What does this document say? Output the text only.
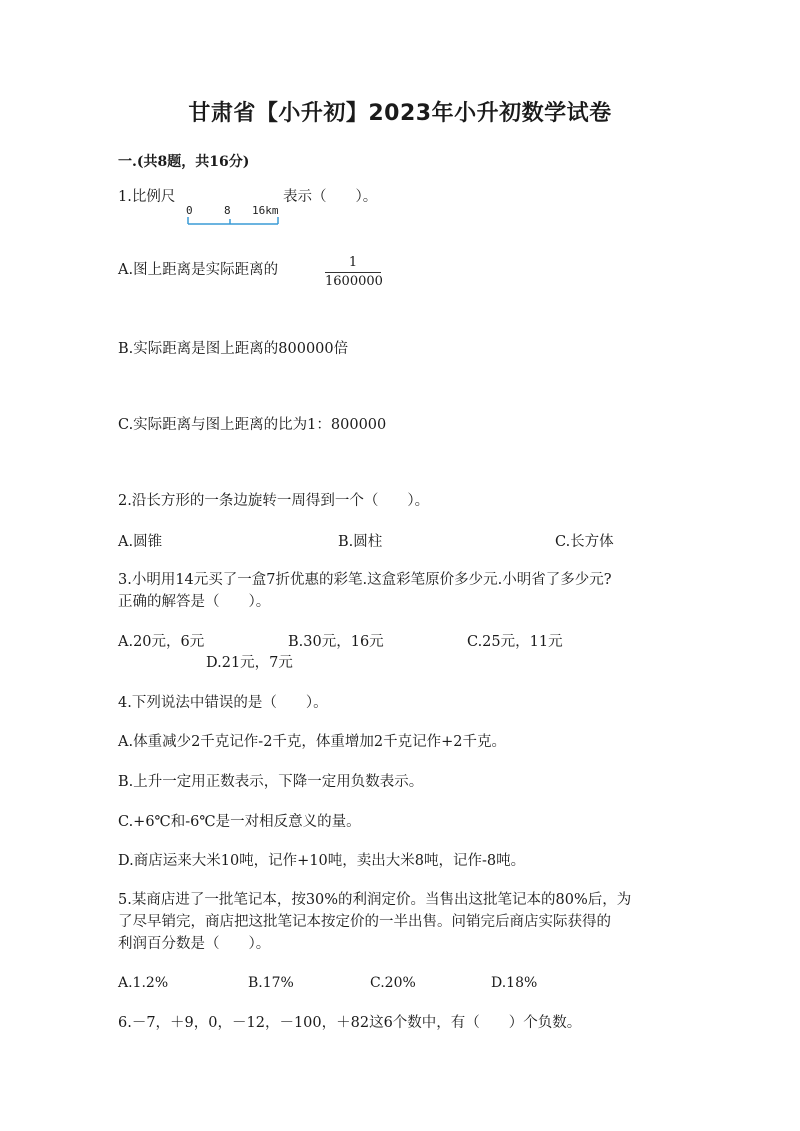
甘肃省【小升初】2023年小升初数学试卷
一.(共8题，共16分)
1.比例尺
0	8 16km
表示（　　）。
A.图上距离是实际距离的	1
1600000
B.实际距离是图上距离的800000倍
C.实际距离与图上距离的比为1：800000
2.沿长方形的一条边旋转一周得到一个（　　）。
A.圆锥	B.圆柱	C.长方体
3.小明用14元买了一盒7折优惠的彩笔.这盒彩笔原价多少元.小明省了多少元?
正确的解答是（　　）。
A.20元，6元	B.30元，16元	C.25元，11元
D.21元，7元
4.下列说法中错误的是（　　）。
A.体重减少2千克记作-2千克，体重增加2千克记作+2千克。
B.上升一定用正数表示，下降一定用负数表示。
C.+6℃和-6℃是一对相反意义的量。
D.商店运来大米10吨，记作+10吨，卖出大米8吨，记作-8吨。
5.某商店进了一批笔记本，按30%的利润定价。当售出这批笔记本的80%后，为
了尽早销完，商店把这批笔记本按定价的一半出售。问销完后商店实际获得的
利润百分数是（　　）。
A.1.2%	B.17%	C.20%	D.18%
6.－7，＋9，0，－12，－100，＋82这6个数中，有（　　）个负数。
